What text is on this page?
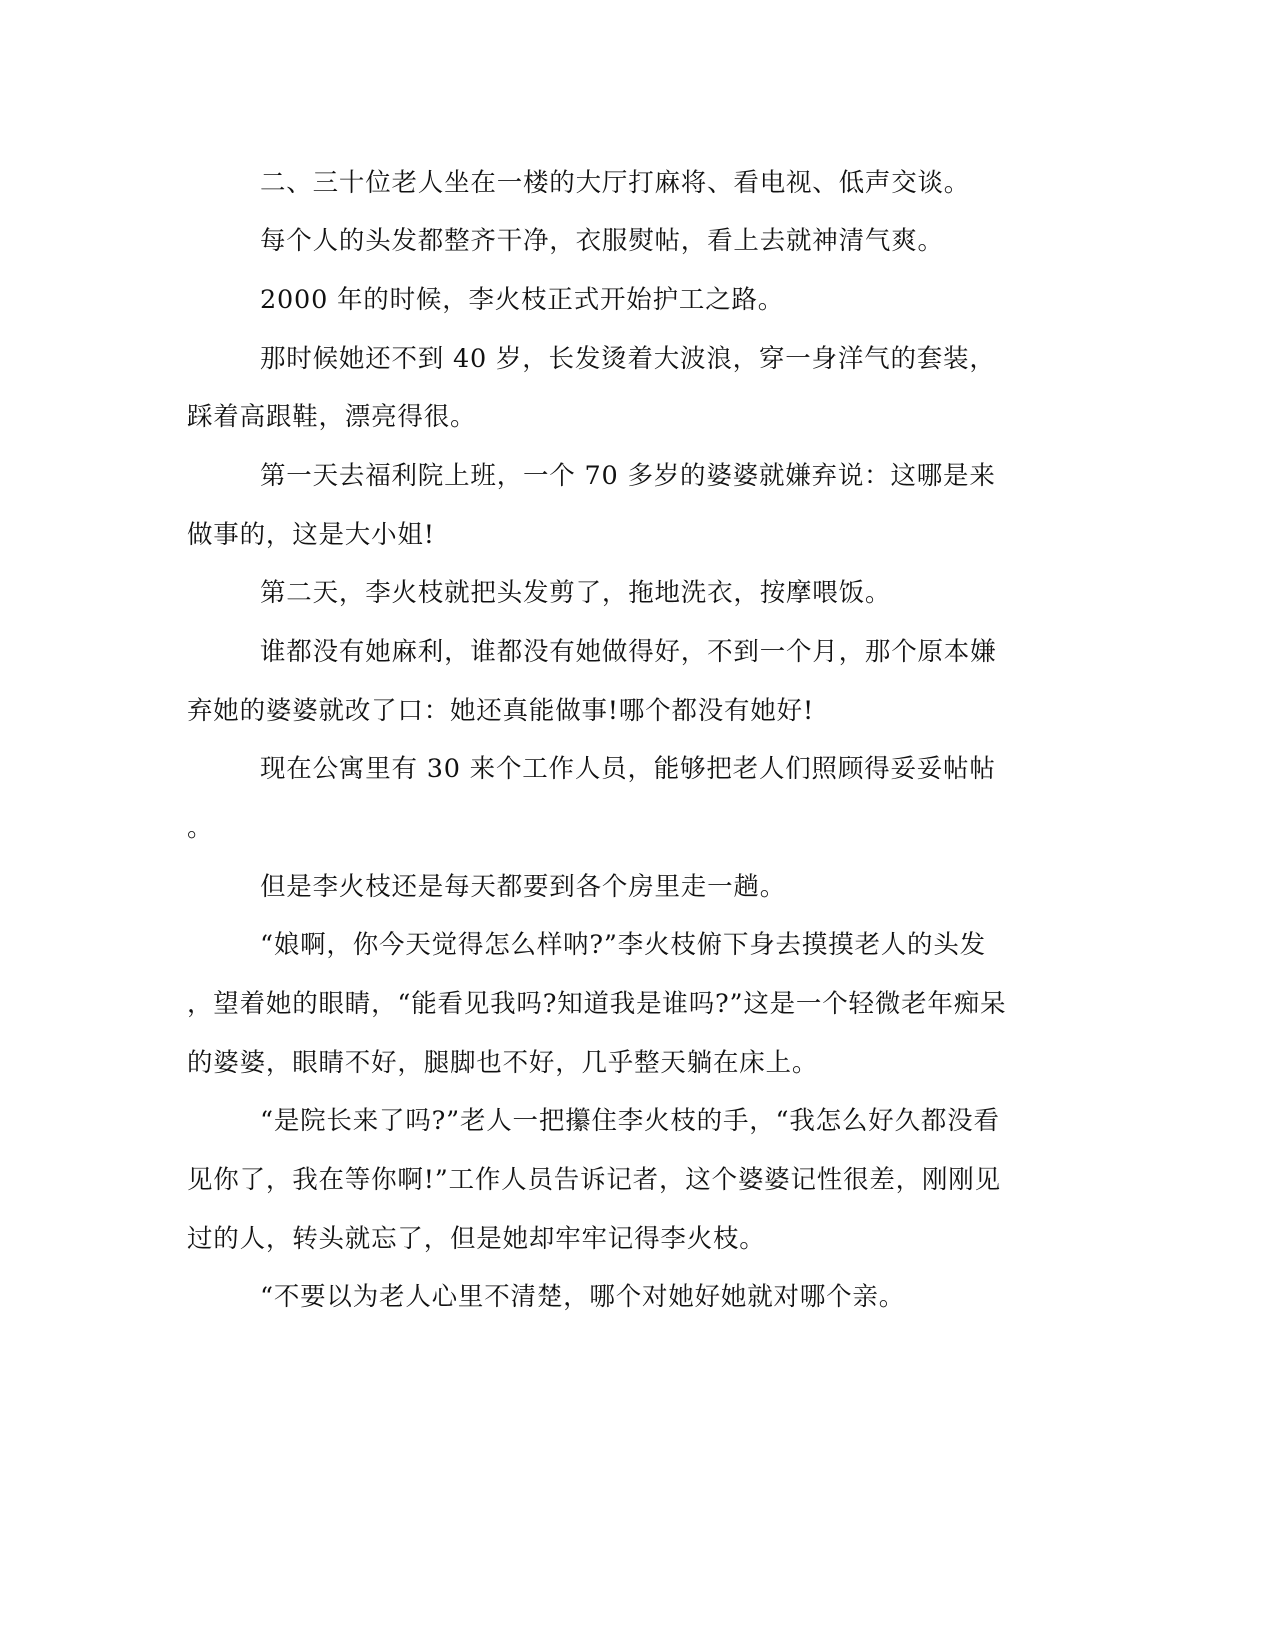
二、三十位老人坐在一楼的大厅打麻将、看电视、低声交谈。
每个人的头发都整齐干净，衣服熨帖，看上去就神清气爽。
2000 年的时候，李火枝正式开始护工之路。
那时候她还不到 40 岁，长发烫着大波浪，穿一身洋气的套装，
踩着高跟鞋，漂亮得很。
第一天去福利院上班，一个 70 多岁的婆婆就嫌弃说：这哪是来
做事的，这是大小姐!
第二天，李火枝就把头发剪了，拖地洗衣，按摩喂饭。
谁都没有她麻利，谁都没有她做得好，不到一个月，那个原本嫌
弃她的婆婆就改了口：她还真能做事!哪个都没有她好!
现在公寓里有 30 来个工作人员，能够把老人们照顾得妥妥帖帖
。
但是李火枝还是每天都要到各个房里走一趟。
“娘啊，你今天觉得怎么样呐?”李火枝俯下身去摸摸老人的头发
，望着她的眼睛，“能看见我吗?知道我是谁吗?”这是一个轻微老年痴呆
的婆婆，眼睛不好，腿脚也不好，几乎整天躺在床上。
“是院长来了吗?”老人一把攥住李火枝的手，“我怎么好久都没看
见你了，我在等你啊!”工作人员告诉记者，这个婆婆记性很差，刚刚见
过的人，转头就忘了，但是她却牢牢记得李火枝。
“不要以为老人心里不清楚，哪个对她好她就对哪个亲。
